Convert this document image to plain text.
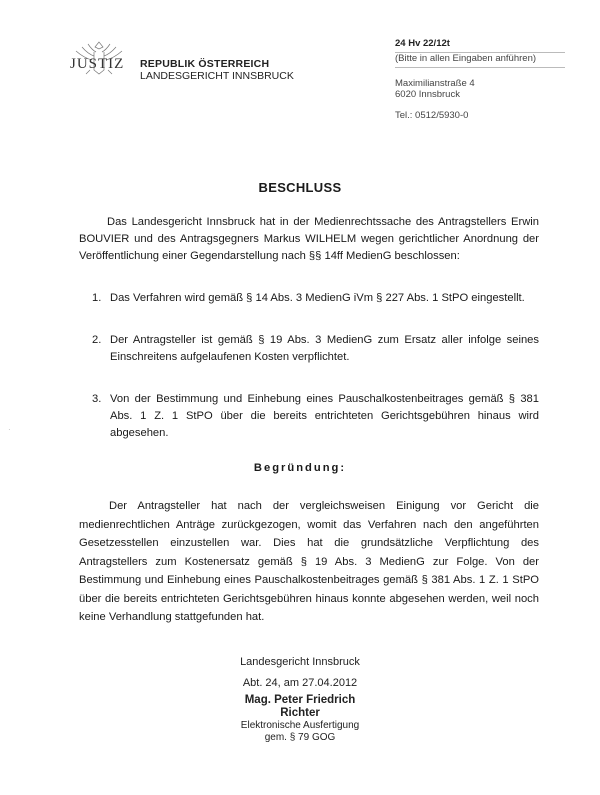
JUSTIZ REPUBLIK ÖSTERREICH
LANDESGERICHT INNSBRUCK
24 Hv 22/12t
(Bitte in allen Eingaben anführen)
Maximilianstraße 4
6020 Innsbruck
Tel.: 0512/5930-0
BESCHLUSS
Das Landesgericht Innsbruck hat in der Medienrechtssache des Antragstellers Erwin BOUVIER und des Antragsgegners Markus WILHELM wegen gerichtlicher Anordnung der Veröffentlichung einer Gegendarstellung nach §§ 14ff MedienG beschlossen:
1. Das Verfahren wird gemäß § 14 Abs. 3 MedienG iVm § 227 Abs. 1 StPO eingestellt.
2. Der Antragsteller ist gemäß § 19 Abs. 3 MedienG zum Ersatz aller infolge seines Einschreitens aufgelaufenen Kosten verpflichtet.
3. Von der Bestimmung und Einhebung eines Pauschalkostenbeitrages gemäß § 381 Abs. 1 Z. 1 StPO über die bereits entrichteten Gerichtsgebühren hinaus wird abgesehen.
·
Begründung:
Der Antragsteller hat nach der vergleichsweisen Einigung vor Gericht die medienrechtlichen Anträge zurückgezogen, womit das Verfahren nach den angeführten Gesetzesstellen einzustellen war. Dies hat die grundsätzliche Verpflichtung des Antragstellers zum Kostenersatz gemäß § 19 Abs. 3 MedienG zur Folge. Von der Bestimmung und Einhebung eines Pauschalkostenbeitrages gemäß § 381 Abs. 1 Z. 1 StPO über die bereits entrichteten Gerichtsgebühren hinaus konnte abgesehen werden, weil noch keine Verhandlung stattgefunden hat.
Landesgericht Innsbruck
Abt. 24, am 27.04.2012
Mag. Peter Friedrich
Richter
Elektronische Ausfertigung
gem. § 79 GOG
